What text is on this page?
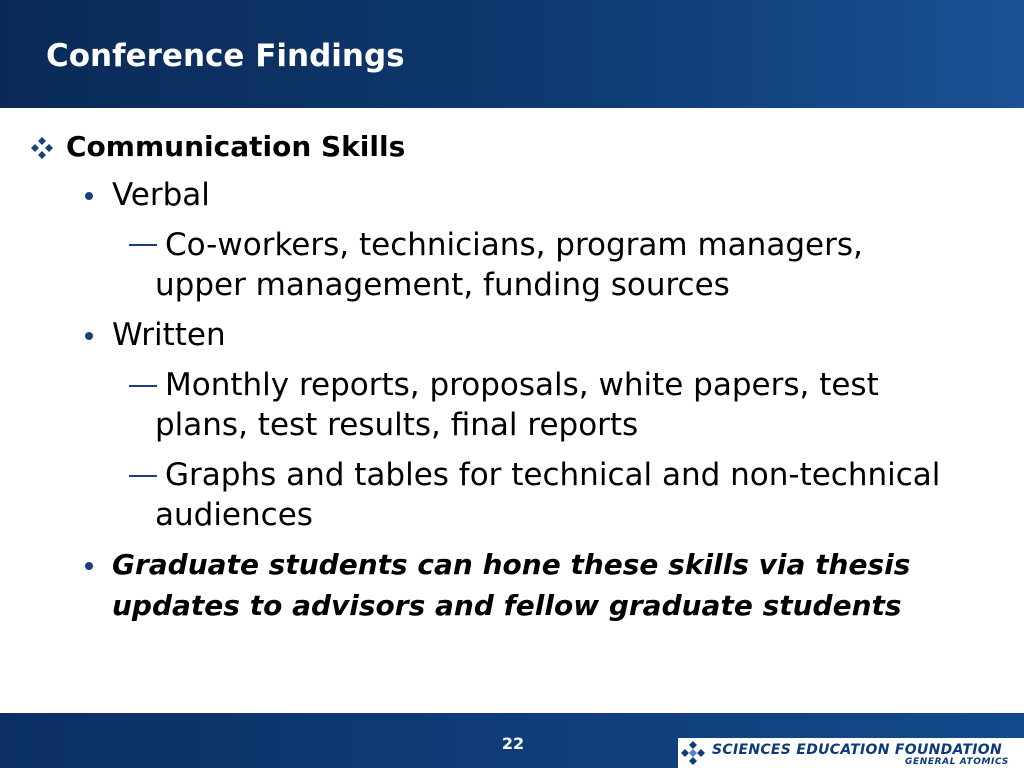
Conference Findings
Communication Skills
Verbal
Co-workers, technicians, program managers,
upper management, funding sources
Written
Monthly reports, proposals, white papers, test
plans, test results, final reports
Graphs and tables for technical and non-technical
audiences
Graduate students can hone these skills via thesis
updates to advisors and fellow graduate students
22	SCIENCES EDUCATION FOUNDATION
GENERAL ATOMICS
